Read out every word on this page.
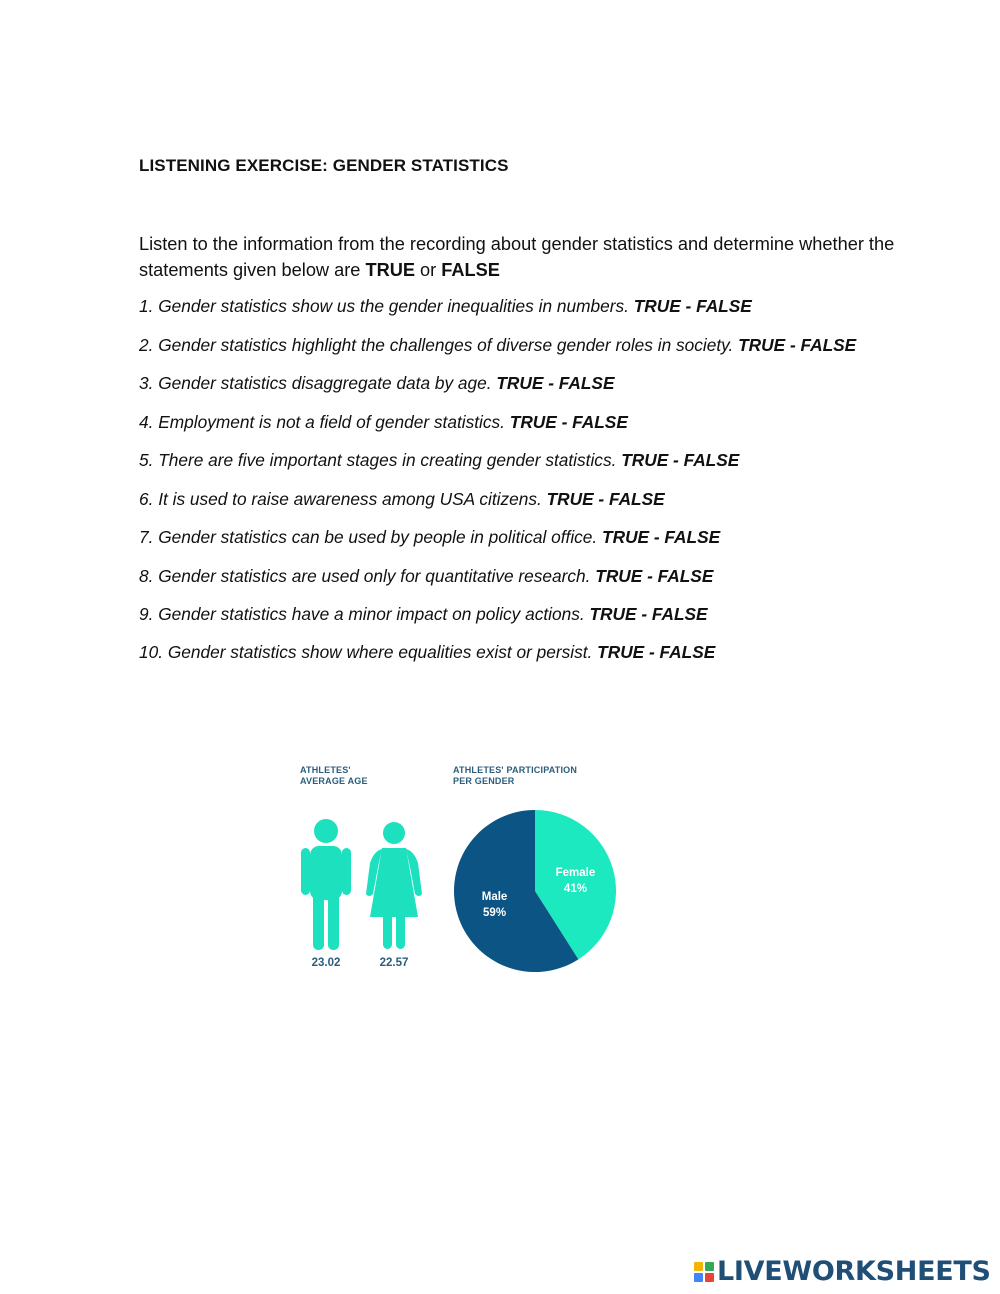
LISTENING EXERCISE: GENDER STATISTICS
Listen to the information from the recording about gender statistics and determine whether the statements given below are TRUE or FALSE
1. Gender statistics show us the gender inequalities in numbers. TRUE - FALSE
2. Gender statistics highlight the challenges of diverse gender roles in society. TRUE - FALSE
3. Gender statistics disaggregate data by age. TRUE - FALSE
4. Employment is not a field of gender statistics. TRUE - FALSE
5. There are five important stages in creating gender statistics. TRUE - FALSE
6. It is used to raise awareness among USA citizens. TRUE - FALSE
7. Gender statistics can be used by people in political office. TRUE - FALSE
8. Gender statistics are used only for quantitative research. TRUE - FALSE
9. Gender statistics have a minor impact on policy actions. TRUE - FALSE
10. Gender statistics show where equalities exist or persist. TRUE - FALSE
ATHLETES'
AVERAGE AGE
ATHLETES' PARTICIPATION
PER GENDER
Female
41%
Male
59%
23.02	22.57
LIVEWORKSHEETS
